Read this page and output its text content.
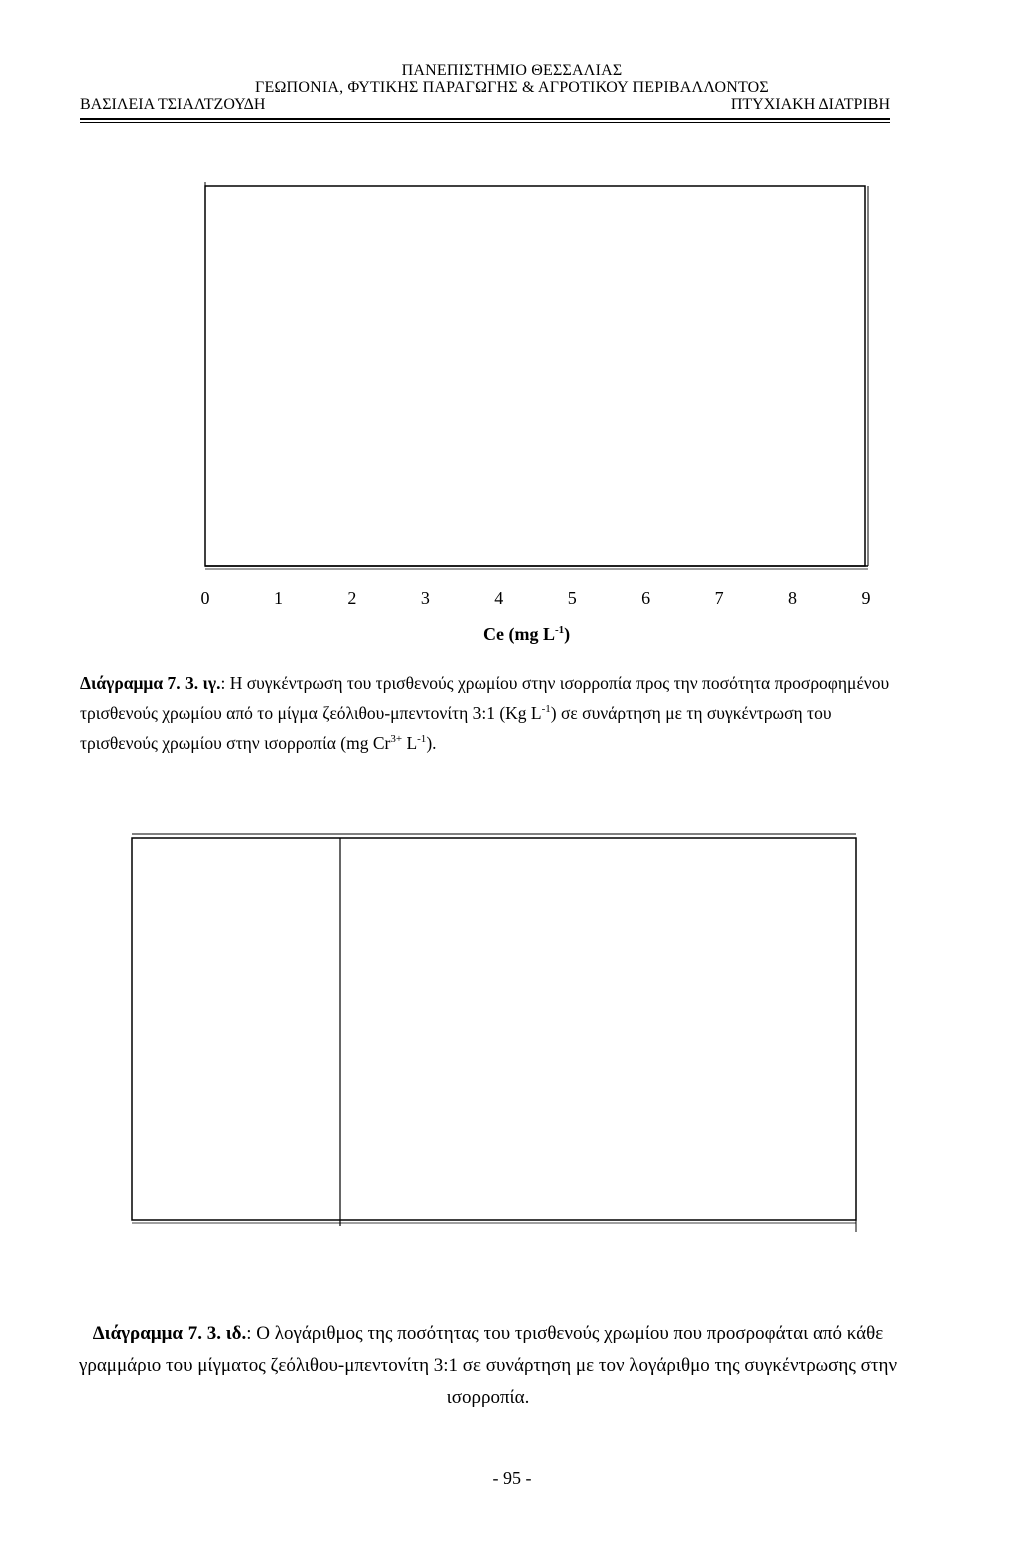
ΠΑΝΕΠΙΣΤΗΜΙΟ ΘΕΣΣΑΛΙΑΣ
ΓΕΩΠΟΝΙΑ, ΦΥΤΙΚΗΣ ΠΑΡΑΓΩΓΗΣ & ΑΓΡΟΤΙΚΟΥ ΠΕΡΙΒΑΛΛΟΝΤΟΣ
ΒΑΣΙΛΕΙΑ ΤΣΙΑΛΤΖΟΥΔΗ	ΠΤΥΧΙΑΚΗ ΔΙΑΤΡΙΒΗ
0	1	2	3	4	5	6	7	8	9
Ce (mg $L^{-1}$)
Διάγραμμα 7. 3. ιγ.: Η συγκέντρωση του τρισθενούς χρωμίου στην ισορροπία προς την ποσότητα προσροφημένου τρισθενούς χρωμίου από το μίγμα ζεόλιθου-μπεντονίτη 3:1 (Kg $L^{-1}$) σε συνάρτηση με τη συγκέντρωση του τρισθενούς χρωμίου στην ισορροπία (mg $Cr^{3+}$ $L^{-1}$).
Διάγραμμα 7. 3. ιδ.: Ο λογάριθμος της ποσότητας του τρισθενούς χρωμίου που προσροφάται από κάθε γραμμάριο του μίγματος ζεόλιθου-μπεντονίτη 3:1 σε συνάρτηση με τον λογάριθμο της συγκέντρωσης στην ισορροπία.
- 95 -
